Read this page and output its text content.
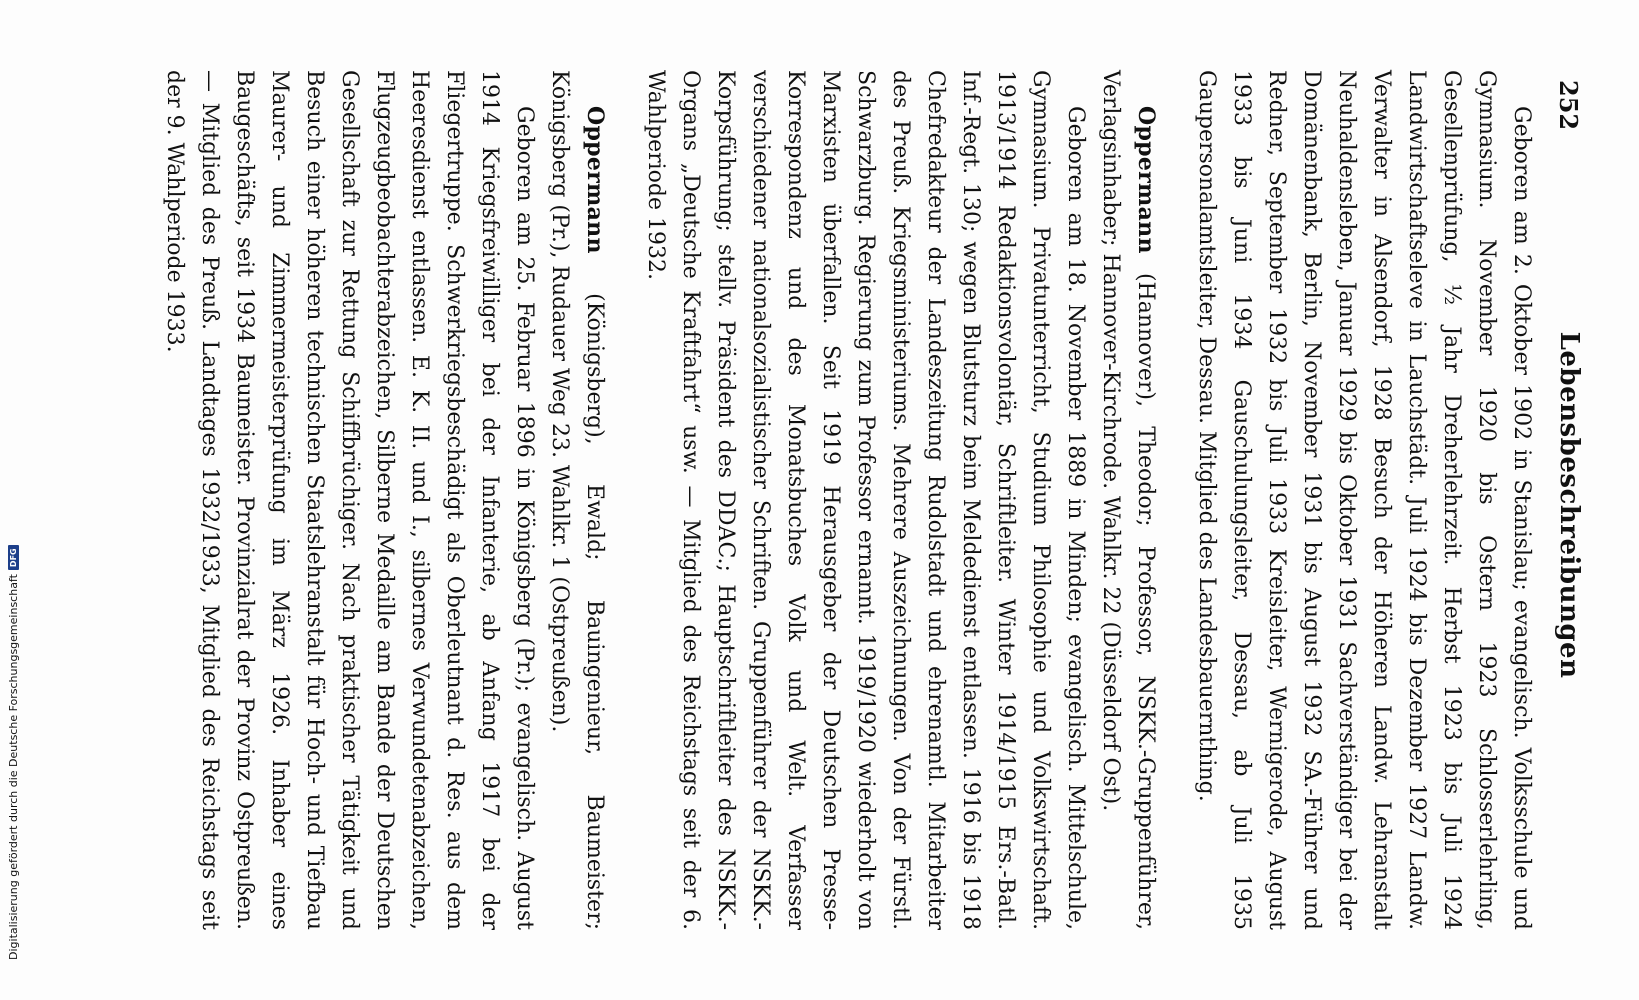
252
Lebensbeschreibungen

Geboren am 2. Oktober 1902 in Stanislau; evangelisch. Volksschule und Gymnasium. November 1920 bis Ostern 1923 Schlosserlehrling, Gesellenprüfung, ½ Jahr Dreherlehrzeit. Herbst 1923 bis Juli 1924 Landwirtschaftseleve in Lauchstädt. Juli 1924 bis Dezember 1927 Landw. Verwalter in Alsendorf, 1928 Besuch der Höheren Landw. Lehranstalt Neuhaldensleben, Januar 1929 bis Oktober 1931 Sachverständiger bei der Domänenbank, Berlin, November 1931 bis August 1932 SA.-Führer und Redner, September 1932 bis Juli 1933 Kreisleiter, Wernigerode, August 1933 bis Juni 1934 Gauschulungsleiter, Dessau, ab Juli 1935 Gaupersonalamtsleiter, Dessau. Mitglied des Landesbauernthing.

Oppermann (Hannover), Theodor; Professor, NSKK.-Gruppenführer, Verlagsinhaber; Hannover-Kirchrode. Wahlkr. 22 (Düsseldorf Ost).

Geboren am 18. November 1889 in Minden; evangelisch. Mittelschule, Gymnasium. Privatunterricht, Studium Philosophie und Volkswirtschaft. 1913/1914 Redaktionsvolontär, Schriftleiter. Winter 1914/1915 Ers.-Batl. Inf.-Regt. 130; wegen Blutsturz beim Meldedienst entlassen. 1916 bis 1918 Chefredakteur der Landeszeitung Rudolstadt und ehrenamtl. Mitarbeiter des Preuß. Kriegsministeriums. Mehrere Auszeichnungen. Von der Fürstl. Schwarzburg. Regierung zum Professor ernannt. 1919/1920 wiederholt von Marxisten überfallen. Seit 1919 Herausgeber der Deutschen Presse-Korrespondenz und des Monatsbuches Volk und Welt. Verfasser verschiedener nationalsozialistischer Schriften. Gruppenführer der NSKK.-Korpsführung; stellv. Präsident des DDAC.; Hauptschriftleiter des NSKK.-Organs „Deutsche Kraftfahrt“ usw. — Mitglied des Reichstags seit der 6. Wahlperiode 1932.

Oppermann (Königsberg), Ewald; Bauingenieur, Baumeister; Königsberg (Pr.), Rudauer Weg 23. Wahlkr. 1 (Ostpreußen).

Geboren am 25. Februar 1896 in Königsberg (Pr.); evangelisch. August 1914 Kriegsfreiwilliger bei der Infanterie, ab Anfang 1917 bei der Fliegertruppe. Schwerkriegsbeschädigt als Oberleutnant d. Res. aus dem Heeresdienst entlassen. E. K. II. und I., silbernes Verwundetenabzeichen, Flugzeugbeobachterabzeichen, Silberne Medaille am Bande der Deutschen Gesellschaft zur Rettung Schiffbrüchiger. Nach praktischer Tätigkeit und Besuch einer höheren technischen Staatslehranstalt für Hoch- und Tiefbau Maurer- und Zimmermeisterprüfung im März 1926. Inhaber eines Baugeschäfts, seit 1934 Baumeister. Provinzialrat der Provinz Ostpreußen. — Mitglied des Preuß. Landtages 1932/1933, Mitglied des Reichstags seit der 9. Wahlperiode 1933.

Digitalisierung gefördert durch die Deutsche Forschungsgemeinschaft
DFG
